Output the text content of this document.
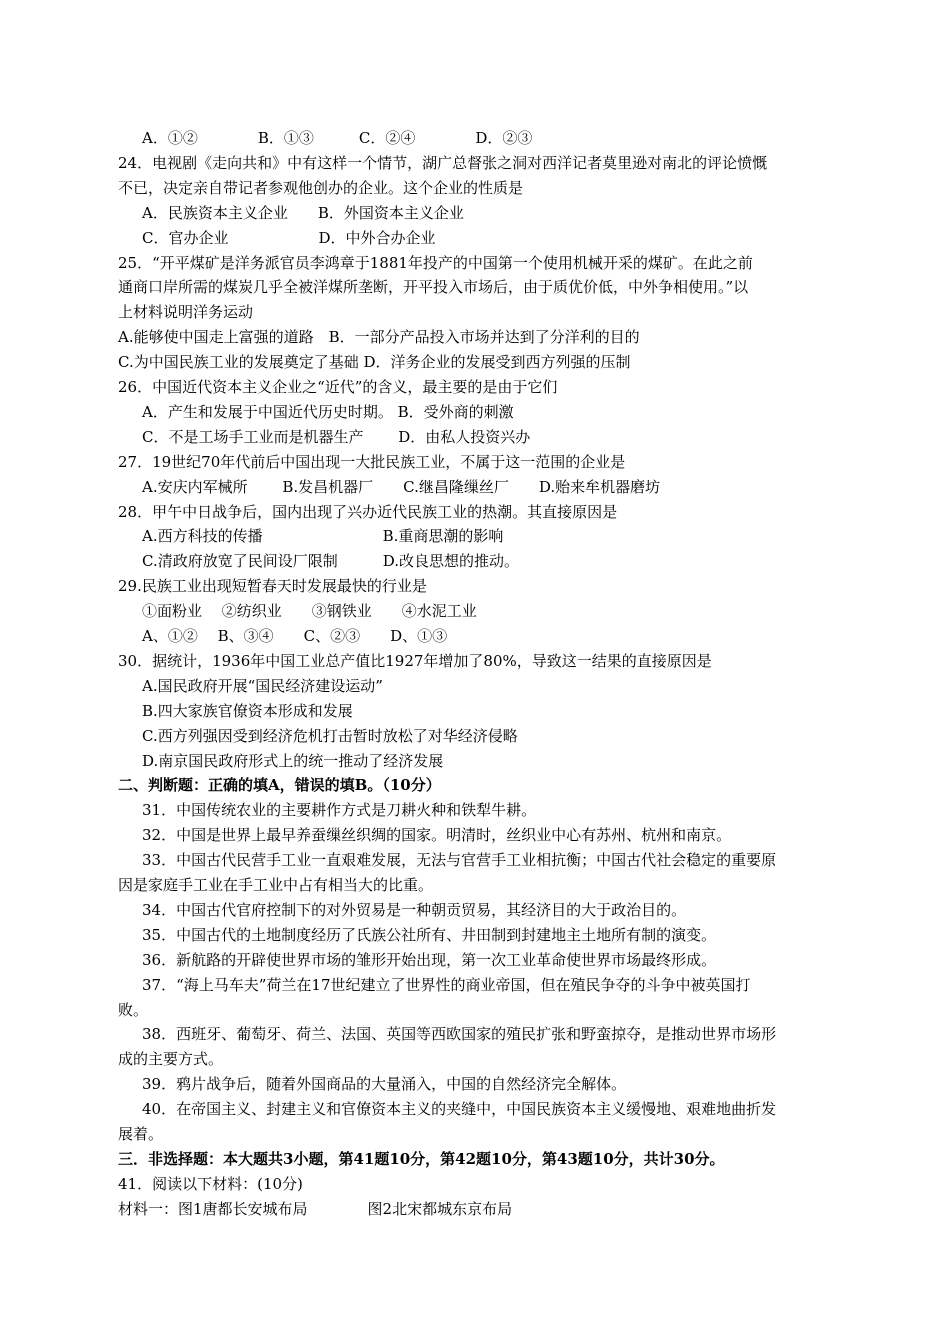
A．①②　　　　B．①③　　　C．②④　　　　D．②③
24．电视剧《走向共和》中有这样一个情节，湖广总督张之洞对西洋记者莫里逊对南北的评论愤慨
不已，决定亲自带记者参观他创办的企业。这个企业的性质是
A．民族资本主义企业　　B．外国资本主义企业
C．官办企业　　　　　　D．中外合办企业
25．“开平煤矿是洋务派官员李鸿章于1881年投产的中国第一个使用机械开采的煤矿。在此之前
通商口岸所需的煤炭几乎全被洋煤所垄断，开平投入市场后，由于质优价低，中外争相使用。”以
上材料说明洋务运动
A.能够使中国走上富强的道路　B．一部分产品投入市场并达到了分洋利的目的
C.为中国民族工业的发展奠定了基础 D．洋务企业的发展受到西方列强的压制
26．中国近代资本主义企业之“近代”的含义，最主要的是由于它们
A．产生和发展于中国近代历史时期。 B．受外商的刺激
C．不是工场手工业而是机器生产　　 D．由私人投资兴办
27．19世纪70年代前后中国出现一大批民族工业，不属于这一范围的企业是
A.安庆内军械所　　 B.发昌机器厂　　C.继昌隆缫丝厂　　D.贻来牟机器磨坊
28．甲午中日战争后，国内出现了兴办近代民族工业的热潮。其直接原因是
A.西方科技的传播　　　　　　　　B.重商思潮的影响
C.清政府放宽了民间设厂限制　　　D.改良思想的推动。
29.民族工业出现短暂春天时发展最快的行业是
①面粉业　 ②纺织业　　③钢铁业　　④水泥工业
A、①②　 B、③④　　C、②③　　D、①③
30．据统计，1936年中国工业总产值比1927年增加了80%，导致这一结果的直接原因是
A.国民政府开展“国民经济建设运动”
B.四大家族官僚资本形成和发展
C.西方列强因受到经济危机打击暂时放松了对华经济侵略
D.南京国民政府形式上的统一推动了经济发展
二、判断题：正确的填A，错误的填B。（10分）
31．中国传统农业的主要耕作方式是刀耕火种和铁犁牛耕。
32．中国是世界上最早养蚕缫丝织绸的国家。明清时，丝织业中心有苏州、杭州和南京。
33．中国古代民营手工业一直艰难发展，无法与官营手工业相抗衡；中国古代社会稳定的重要原
因是家庭手工业在手工业中占有相当大的比重。
34．中国古代官府控制下的对外贸易是一种朝贡贸易，其经济目的大于政治目的。
35．中国古代的土地制度经历了氏族公社所有、井田制到封建地主土地所有制的演变。
36．新航路的开辟使世界市场的雏形开始出现，第一次工业革命使世界市场最终形成。
37．“海上马车夫”荷兰在17世纪建立了世界性的商业帝国，但在殖民争夺的斗争中被英国打
败。
38．西班牙、葡萄牙、荷兰、法国、英国等西欧国家的殖民扩张和野蛮掠夺，是推动世界市场形
成的主要方式。
39．鸦片战争后，随着外国商品的大量涌入，中国的自然经济完全解体。
40．在帝国主义、封建主义和官僚资本主义的夹缝中，中国民族资本主义缓慢地、艰难地曲折发
展着。
三．非选择题：本大题共3小题，第41题10分，第42题10分，第43题10分，共计30分。
41．阅读以下材料：(10分)
材料一：图1唐都长安城布局　　　　图2北宋都城东京布局
